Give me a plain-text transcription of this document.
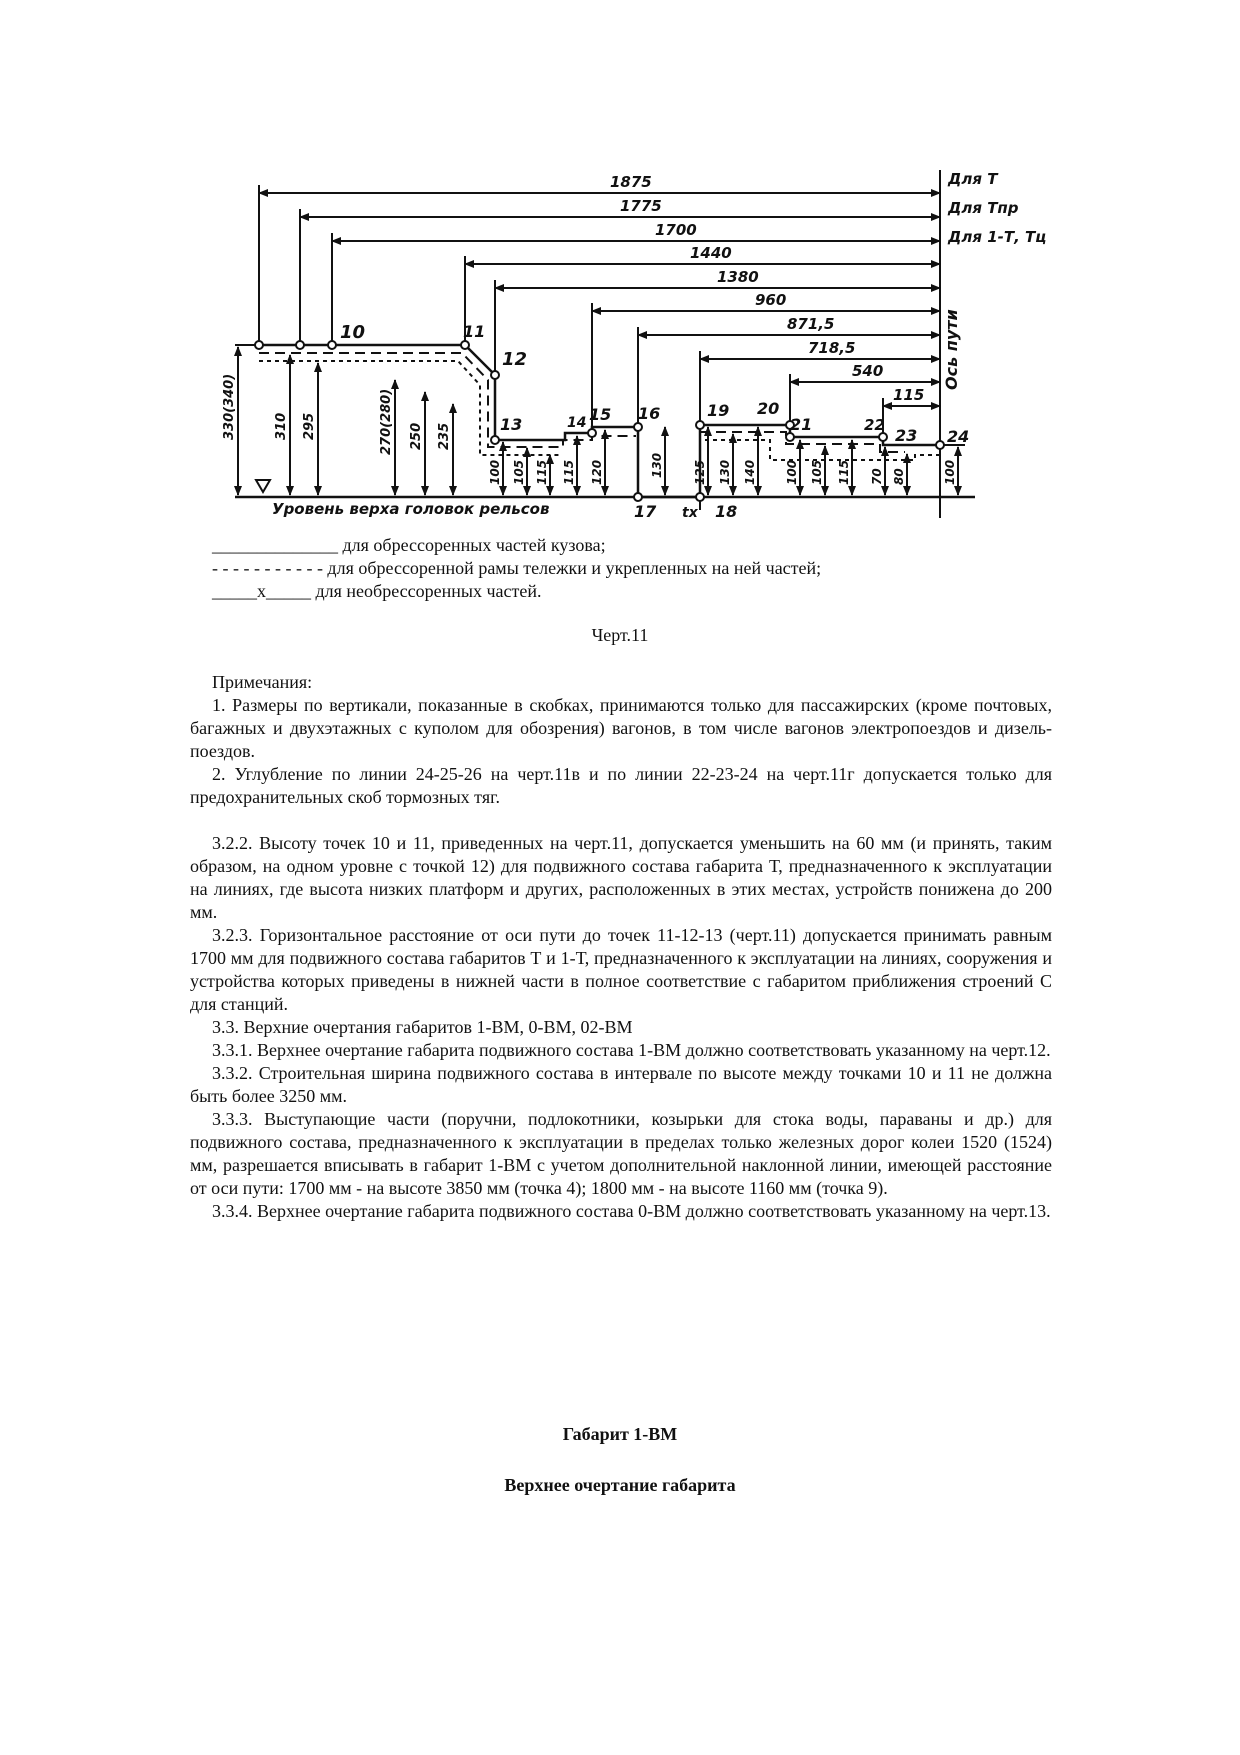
1875
1775
1700
1440
1380
960
871,5
718,5
540
115
Для Т
Для Тпр
Для 1-Т, Тц
Ось пути
10	11
12
13	14 15 16
17	18
19 20
21	22
23 24
330(340)	310 295	270(280) 250 235
100 105 115 115 120	130 125 130 140 100 105 115 70 80	100
Уровень верха головок рельсов	tx
______________ для обрессоренных частей кузова;
- - - - - - - - - - - для обрессоренной рамы тележки и укрепленных на ней частей;
_____х_____ для необрессоренных частей.
Черт.11

Примечания:

1. Размеры по вертикали, показанные в скобках, принимаются только для пассажирских (кроме почтовых, багажных и двухэтажных с куполом для обозрения) вагонов, в том числе вагонов электропоездов и дизель-поездов.

2. Углубление по линии 24-25-26 на черт.11в и по линии 22-23-24 на черт.11г допускается только для предохранительных скоб тормозных тяг.

3.2.2. Высоту точек 10 и 11, приведенных на черт.11, допускается уменьшить на 60 мм (и принять, таким образом, на одном уровне с точкой 12) для подвижного состава габарита Т, предназначенного к эксплуатации на линиях, где высота низких платформ и других, расположенных в этих местах, устройств понижена до 200 мм.

3.2.3. Горизонтальное расстояние от оси пути до точек 11-12-13 (черт.11) допускается принимать равным 1700 мм для подвижного состава габаритов Т и 1-Т, предназначенного к эксплуатации на линиях, сооружения и устройства которых приведены в нижней части в полное соответствие с габаритом приближения строений С для станций.

3.3. Верхние очертания габаритов 1-ВМ, 0-ВМ, 02-ВМ

3.3.1. Верхнее очертание габарита подвижного состава 1-ВМ должно соответствовать указанному на черт.12.

3.3.2. Строительная ширина подвижного состава в интервале по высоте между точками 10 и 11 не должна быть более 3250 мм.

3.3.3. Выступающие части (поручни, подлокотники, козырьки для стока воды, параваны и др.) для подвижного состава, предназначенного к эксплуатации в пределах только железных дорог колеи 1520 (1524) мм, разрешается вписывать в габарит 1-ВМ с учетом дополнительной наклонной линии, имеющей расстояние от оси пути: 1700 мм - на высоте 3850 мм (точка 4); 1800 мм - на высоте 1160 мм (точка 9).

3.3.4. Верхнее очертание габарита подвижного состава 0-ВМ должно соответствовать указанному на черт.13.

Габарит 1-ВМ
Верхнее очертание габарита
